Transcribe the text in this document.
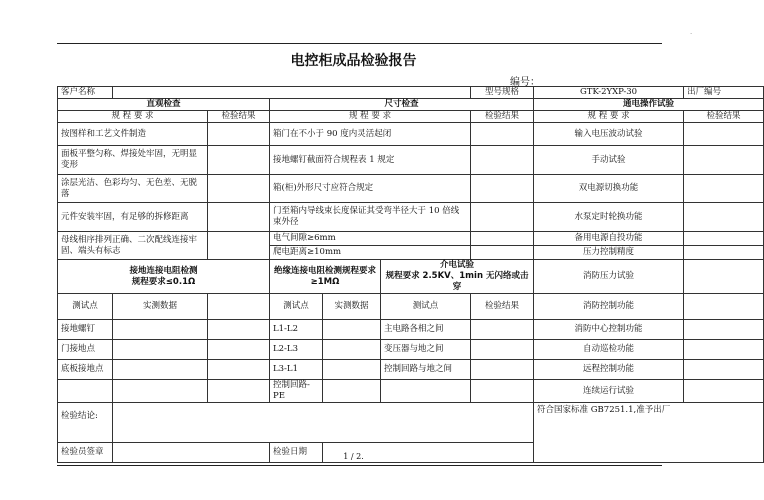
·
电控柜成品检验报告
编号：
客户名称						型号规格	GTK-2YXP-30	出厂编号
直观检查			尺寸检查				通电操作试验	
规 程 要 求		检验结果	规 程 要 求			检验结果	规 程 要 求	检验结果
按图样和工艺文件制造			箱门在不小于 90 度内灵活起闭				输入电压波动试验	
面板平整匀称、焊接处牢固，无明显变形			接地螺钉截面符合规程表 1 规定				手动试验	
涂层光洁、色彩均匀、无色差、无脱落			箱(柜)外形尺寸应符合规定				双电源切换功能	
元件安装牢固，有足够的拆修距离			门至箱内导线束长度保证其受弯半径大于 10 倍线束外径				水泵定时轮换功能	
母线相序排列正确、二次配线连接牢固、端头有标志			电气间隙≥6mm				备用电源自投功能	
			爬电距离≥10mm				压力控制精度	
接地连接电阻检测
规程要求≤0.1Ω			绝缘连接电阻检测规程要求≥1MΩ		介电试验
规程要求 2.5KV、1min 无闪络或击穿		消防压力试验	
测试点	实测数据		测试点	实测数据	测试点	检验结果	消防控制功能	
接地螺钉			L1-L2		主电路各相之间		消防中心控制功能	
门接地点			L2-L3		变压器与地之间		自动巡检功能	
底板接地点			L3-L1		控制回路与地之间		远程控制功能	
			控制回路-PE				连续运行试验	
检验结论:							符合国家标准 GB7251.1,准予出厂	
检验员签章			检验日期						1 / 2.
